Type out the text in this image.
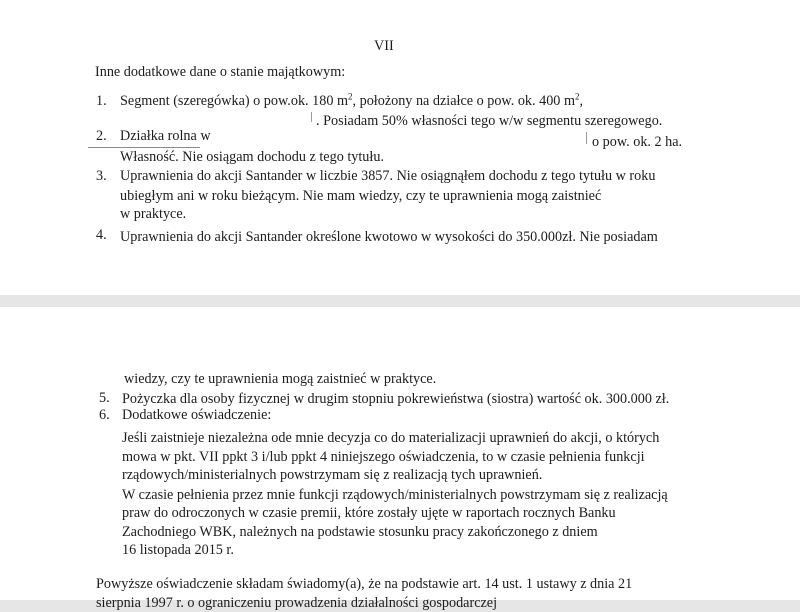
VII
Inne dodatkowe dane o stanie majątkowym:
1. Segment (szeregówka) o pow.ok. 180 $m^2$, położony na działce o pow. ok. 400 $m^2$,
. Posiadam 50% własności tego w/w segmentu szeregowego.
2. Działka rolna w	o pow. ok. 2 ha.
Własność. Nie osiągam dochodu z tego tytułu.
3. Uprawnienia do akcji Santander w liczbie 3857. Nie osiągnąłem dochodu z tego tytułu w roku
ubiegłym ani w roku bieżącym. Nie mam wiedzy, czy te uprawnienia mogą zaistnieć
w praktyce.
4. Uprawnienia do akcji Santander określone kwotowo w wysokości do 350.000zł. Nie posiadam
wiedzy, czy te uprawnienia mogą zaistnieć w praktyce.
5. Pożyczka dla osoby fizycznej w drugim stopniu pokrewieństwa (siostra) wartość ok. 300.000 zł.
6. Dodatkowe oświadczenie:
Jeśli zaistnieje niezależna ode mnie decyzja co do materializacji uprawnień do akcji, o których
mowa w pkt. VII ppkt 3 i/lub ppkt 4 niniejszego oświadczenia, to w czasie pełnienia funkcji
rządowych/ministerialnych powstrzymam się z realizacją tych uprawnień.
W czasie pełnienia przez mnie funkcji rządowych/ministerialnych powstrzymam się z realizacją
praw do odroczonych w czasie premii, które zostały ujęte w raportach rocznych Banku
Zachodniego WBK, należnych na podstawie stosunku pracy zakończonego z dniem
16 listopada 2015 r.
Powyższe oświadczenie składam świadomy(a), że na podstawie art. 14 ust. 1 ustawy z dnia 21
sierpnia 1997 r. o ograniczeniu prowadzenia działalności gospodarczej
